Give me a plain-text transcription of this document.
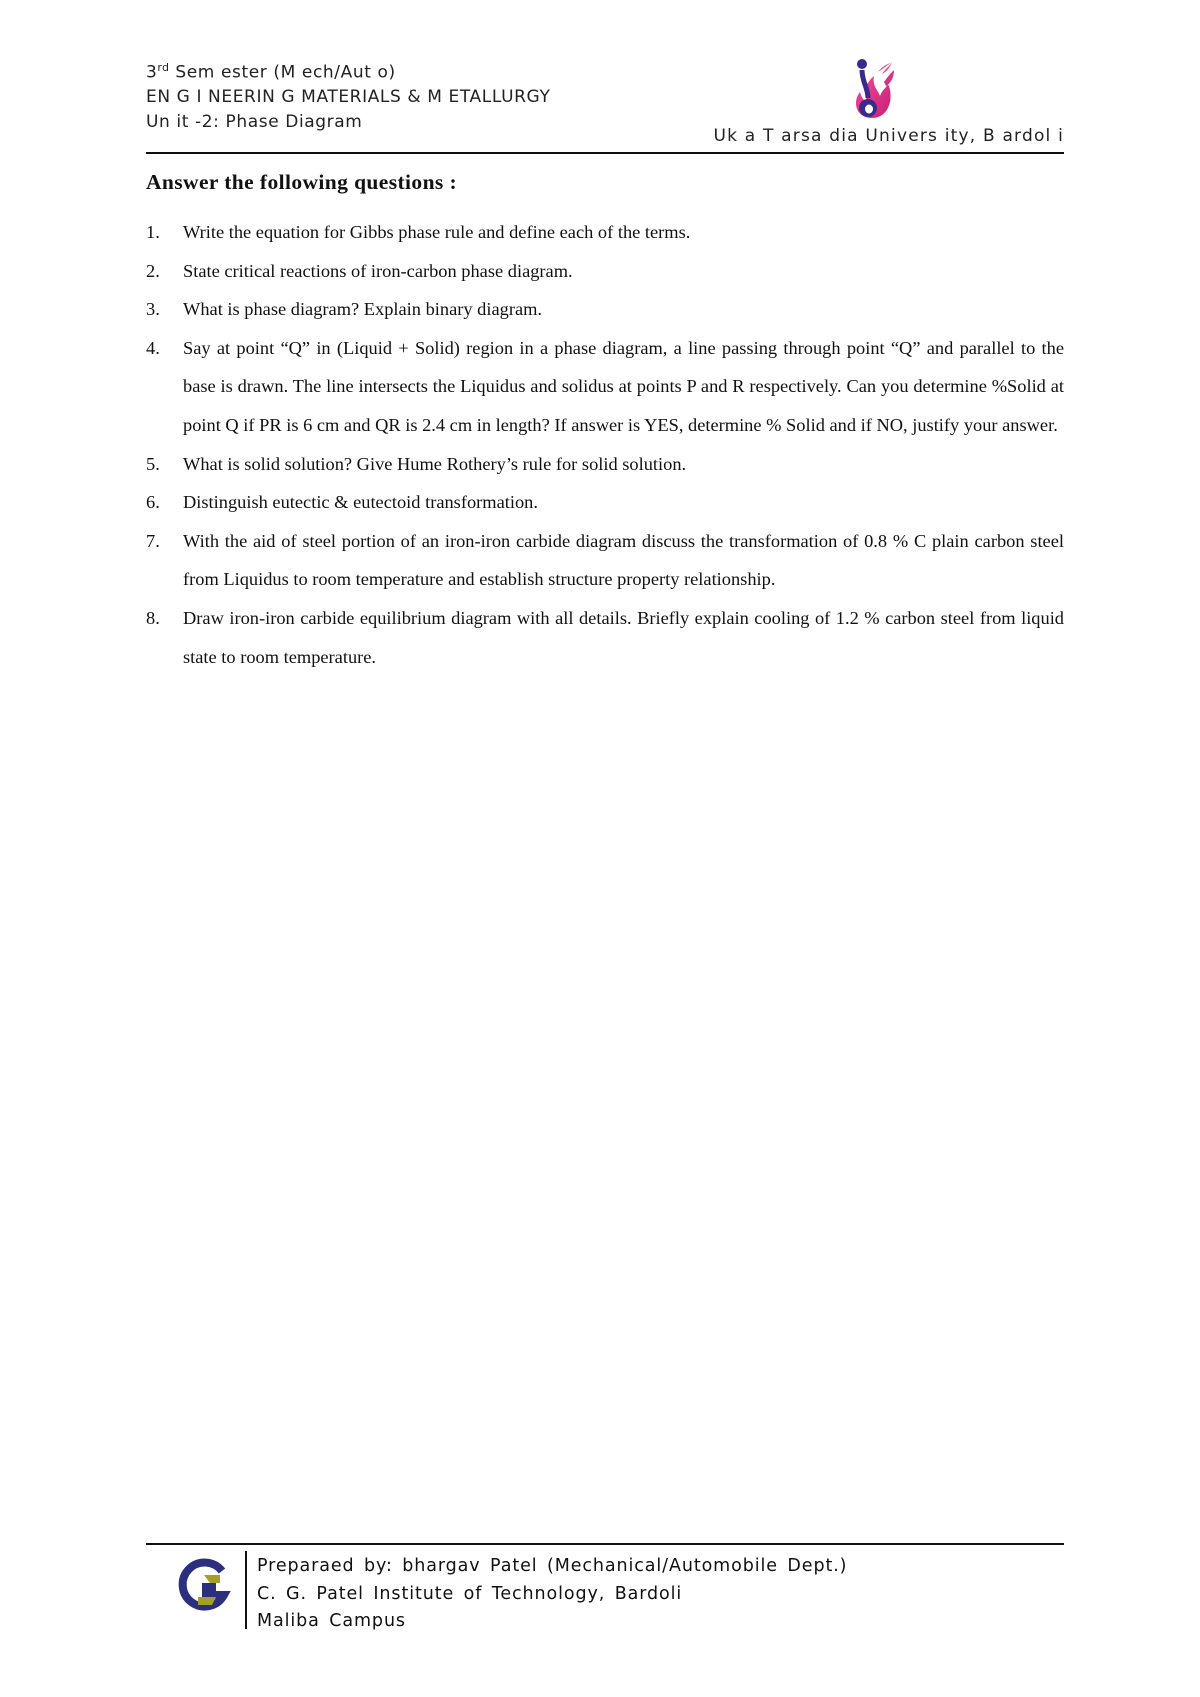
3rd Sem ester (M ech/Aut o)
EN G I NEERIN G MATERIALS & M ETALLURGY
Un it -2: Phase Diagram
Uk a T arsa dia Univers ity, B ardol i
Answer the following questions :
1. Write the equation for Gibbs phase rule and define each of the terms.
2. State critical reactions of iron-carbon phase diagram.
3. What is phase diagram? Explain binary diagram.
4. Say at point “Q” in (Liquid + Solid) region in a phase diagram, a line passing through point “Q” and parallel to the base is drawn. The line intersects the Liquidus and solidus at points P and R respectively. Can you determine %Solid at point Q if PR is 6 cm and QR is 2.4 cm in length? If answer is YES, determine % Solid and if NO, justify your answer.
5. What is solid solution? Give Hume Rothery’s rule for solid solution.
6. Distinguish eutectic & eutectoid transformation.
7. With the aid of steel portion of an iron-iron carbide diagram discuss the transformation of 0.8 % C plain carbon steel from Liquidus to room temperature and establish structure property relationship.
8. Draw iron-iron carbide equilibrium diagram with all details. Briefly explain cooling of 1.2 % carbon steel from liquid state to room temperature.
Preparaed by: bhargav Patel (Mechanical/Automobile Dept.)
C. G. Patel Institute of Technology, Bardoli
Maliba Campus
